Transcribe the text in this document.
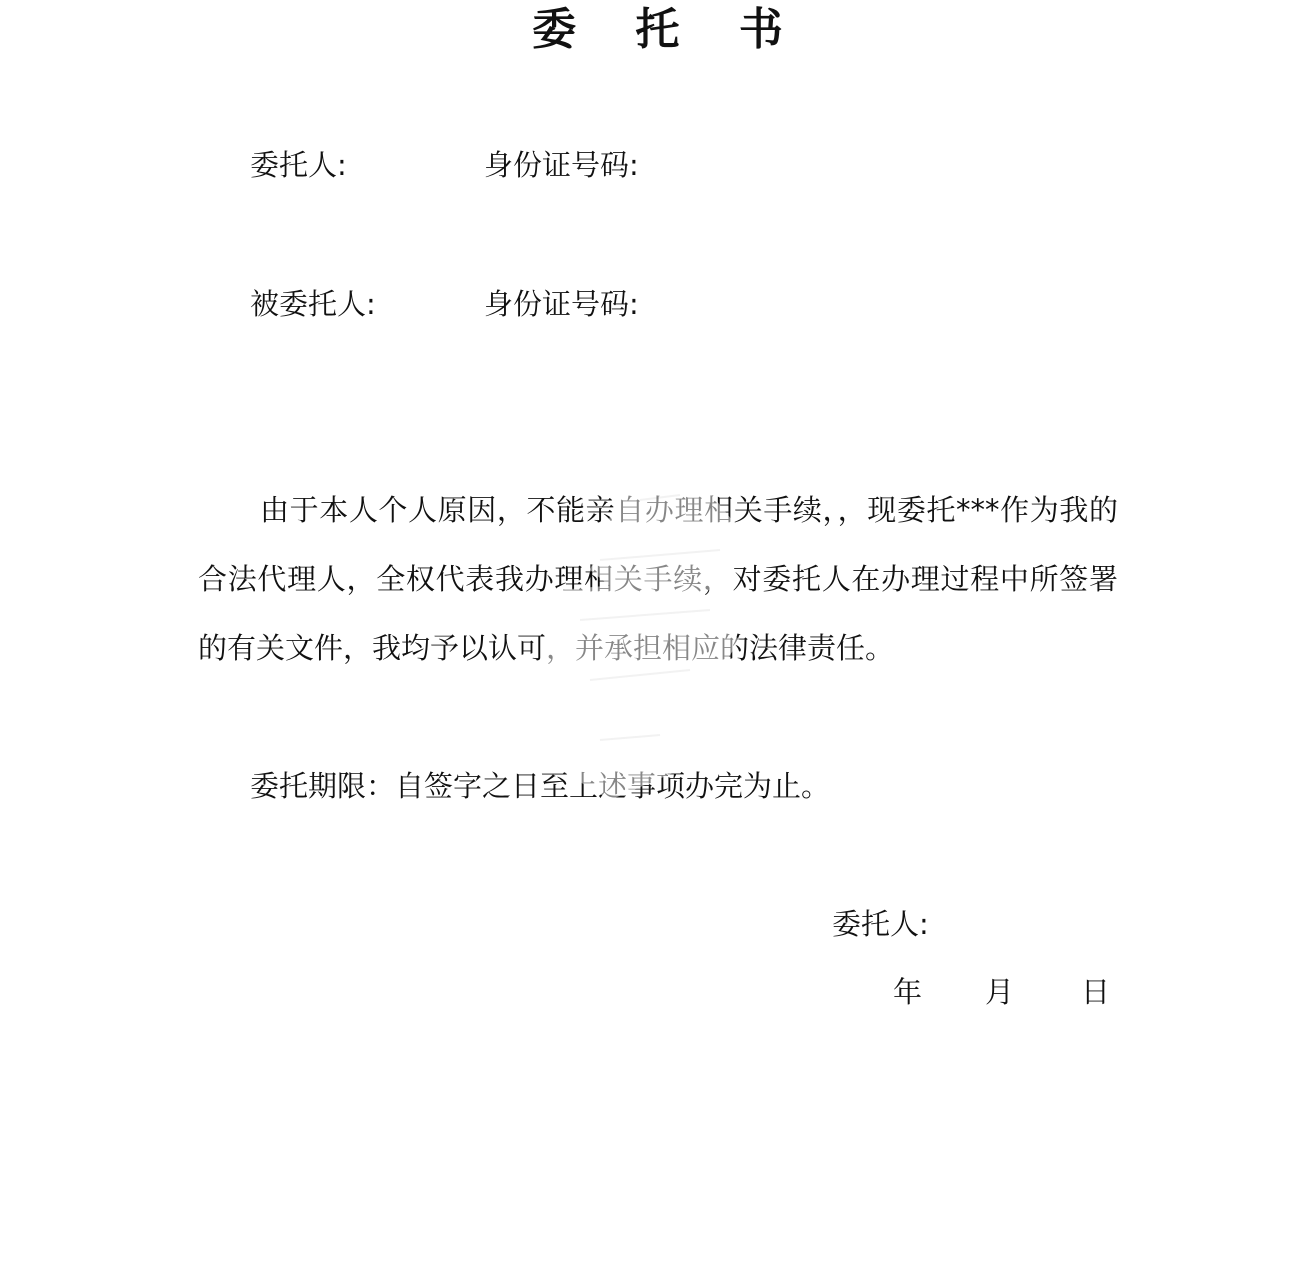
委 托 书
委托人:	身份证号码:
被委托人:	身份证号码:
由于本人个人原因，不能亲自办理相关手续，，现委托***作为我的合法代理人，全权代表我办理相关手续，对委托人在办理过程中所签署的有关文件，我均予以认可，并承担相应的法律责任。
委托期限：自签字之日至上述事项办完为止。
委托人:
年 月 日
